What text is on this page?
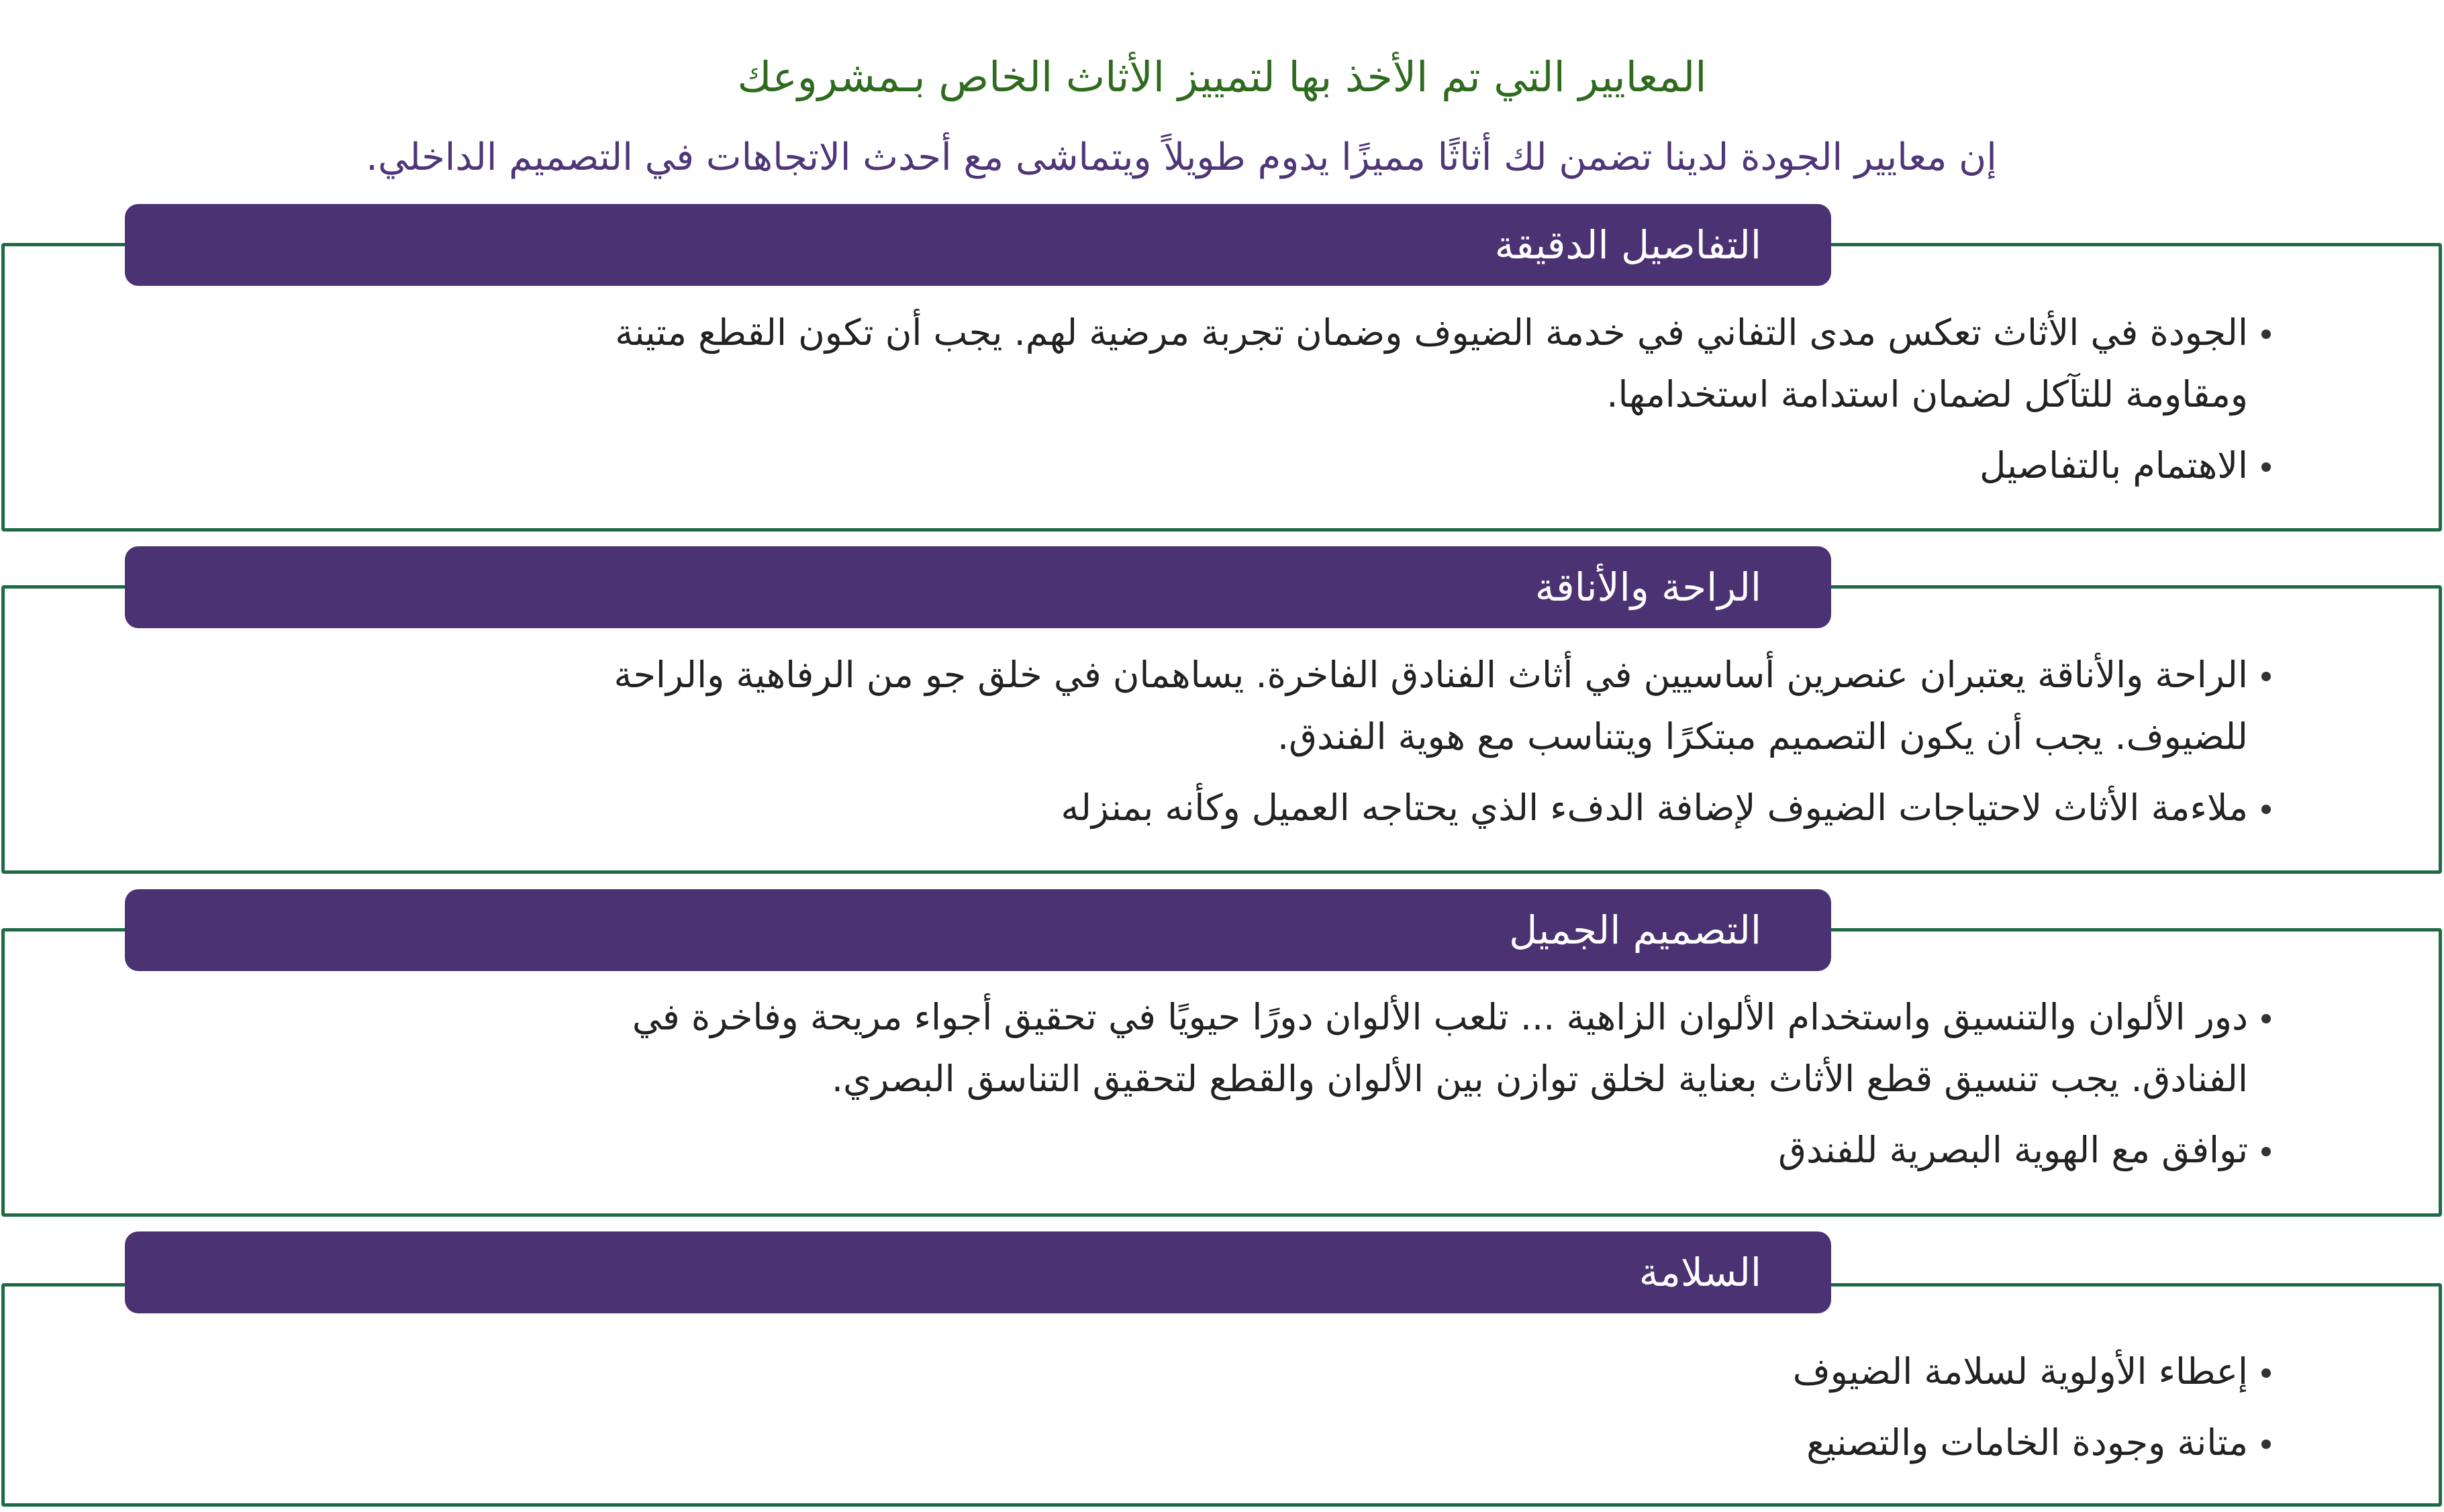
المعايير التي تم الأخذ بها لتمييز الأثاث الخاص بـمشروعك
إن معايير الجودة لدينا تضمن لك أثاثًا مميزًا يدوم طويلاً ويتماشى مع أحدث الاتجاهات في التصميم الداخلي.
التفاصيل الدقيقة
الجودة في الأثاث تعكس مدى التفاني في خدمة الضيوف وضمان تجربة مرضية لهم. يجب أن تكون القطع متينة
ومقاومة للتآكل لضمان استدامة استخدامها.
الاهتمام بالتفاصيل
الراحة والأناقة
الراحة والأناقة يعتبران عنصرين أساسيين في أثاث الفنادق الفاخرة. يساهمان في خلق جو من الرفاهية والراحة
للضيوف. يجب أن يكون التصميم مبتكرًا ويتناسب مع هوية الفندق.
ملاءمة الأثاث لاحتياجات الضيوف لإضافة الدفء الذي يحتاجه العميل وكأنه بمنزله
التصميم الجميل
دور الألوان والتنسيق واستخدام الألوان الزاهية ... تلعب الألوان دورًا حيويًا في تحقيق أجواء مريحة وفاخرة في
الفنادق. يجب تنسيق قطع الأثاث بعناية لخلق توازن بين الألوان والقطع لتحقيق التناسق البصري.
توافق مع الهوية البصرية للفندق
السلامة
إعطاء الأولوية لسلامة الضيوف
متانة وجودة الخامات والتصنيع
